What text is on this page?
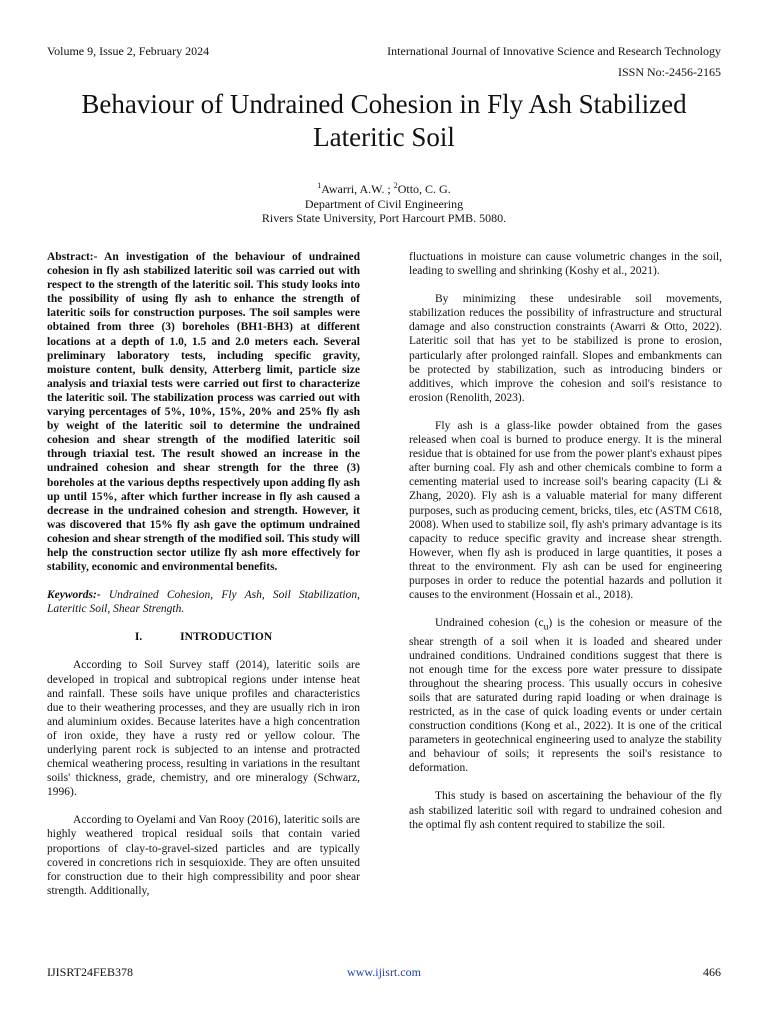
Volume 9, Issue 2, February 2024	International Journal of Innovative Science and Research Technology
ISSN No:-2456-2165
Behaviour of Undrained Cohesion in Fly Ash Stabilized Lateritic Soil
$^1$Awarri, A.W. ; $^2$Otto, C. G.
Department of Civil Engineering
Rivers State University, Port Harcourt PMB. 5080.

Abstract:- An investigation of the behaviour of undrained cohesion in fly ash stabilized lateritic soil was carried out with respect to the strength of the lateritic soil. This study looks into the possibility of using fly ash to enhance the strength of lateritic soils for construction purposes. The soil samples were obtained from three (3) boreholes (BH1-BH3) at different locations at a depth of 1.0, 1.5 and 2.0 meters each. Several preliminary laboratory tests, including specific gravity, moisture content, bulk density, Atterberg limit, particle size analysis and triaxial tests were carried out first to characterize the lateritic soil. The stabilization process was carried out with varying percentages of 5%, 10%, 15%, 20% and 25% fly ash by weight of the lateritic soil to determine the undrained cohesion and shear strength of the modified lateritic soil through triaxial test. The result showed an increase in the undrained cohesion and shear strength for the three (3) boreholes at the various depths respectively upon adding fly ash up until 15%, after which further increase in fly ash caused a decrease in the undrained cohesion and strength. However, it was discovered that 15% fly ash gave the optimum undrained cohesion and shear strength of the modified soil. This study will help the construction sector utilize fly ash more effectively for stability, economic and environmental benefits.

Keywords:- Undrained Cohesion, Fly Ash, Soil Stabilization, Lateritic Soil, Shear Strength.

I.	INTRODUCTION

According to Soil Survey staff (2014), lateritic soils are developed in tropical and subtropical regions under intense heat and rainfall. These soils have unique profiles and characteristics due to their weathering processes, and they are usually rich in iron and aluminium oxides. Because laterites have a high concentration of iron oxide, they have a rusty red or yellow colour. The underlying parent rock is subjected to an intense and protracted chemical weathering process, resulting in variations in the resultant soils' thickness, grade, chemistry, and ore mineralogy (Schwarz, 1996).

According to Oyelami and Van Rooy (2016), lateritic soils are highly weathered tropical residual soils that contain varied proportions of clay-to-gravel-sized particles and are typically covered in concretions rich in sesquioxide. They are often unsuited for construction due to their high compressibility and poor shear strength. Additionally,

fluctuations in moisture can cause volumetric changes in the soil, leading to swelling and shrinking (Koshy et al., 2021).

By minimizing these undesirable soil movements, stabilization reduces the possibility of infrastructure and structural damage and also construction constraints (Awarri & Otto, 2022). Lateritic soil that has yet to be stabilized is prone to erosion, particularly after prolonged rainfall. Slopes and embankments can be protected by stabilization, such as introducing binders or additives, which improve the cohesion and soil's resistance to erosion (Renolith, 2023).

Fly ash is a glass-like powder obtained from the gases released when coal is burned to produce energy. It is the mineral residue that is obtained for use from the power plant's exhaust pipes after burning coal. Fly ash and other chemicals combine to form a cementing material used to increase soil's bearing capacity (Li & Zhang, 2020). Fly ash is a valuable material for many different purposes, such as producing cement, bricks, tiles, etc (ASTM C618, 2008). When used to stabilize soil, fly ash's primary advantage is its capacity to reduce specific gravity and increase shear strength. However, when fly ash is produced in large quantities, it poses a threat to the environment. Fly ash can be used for engineering purposes in order to reduce the potential hazards and pollution it causes to the environment (Hossain et al., 2018).

Undrained cohesion $(c_u)$ is the cohesion or measure of the shear strength of a soil when it is loaded and sheared under undrained conditions. Undrained conditions suggest that there is not enough time for the excess pore water pressure to dissipate throughout the shearing process. This usually occurs in cohesive soils that are saturated during rapid loading or when drainage is restricted, as in the case of quick loading events or under certain construction conditions (Kong et al., 2022). It is one of the critical parameters in geotechnical engineering used to analyze the stability and behaviour of soils; it represents the soil's resistance to deformation.

This study is based on ascertaining the behaviour of the fly ash stabilized lateritic soil with regard to undrained cohesion and the optimal fly ash content required to stabilize the soil.

IJISRT24FEB378	www.ijisrt.com	466
